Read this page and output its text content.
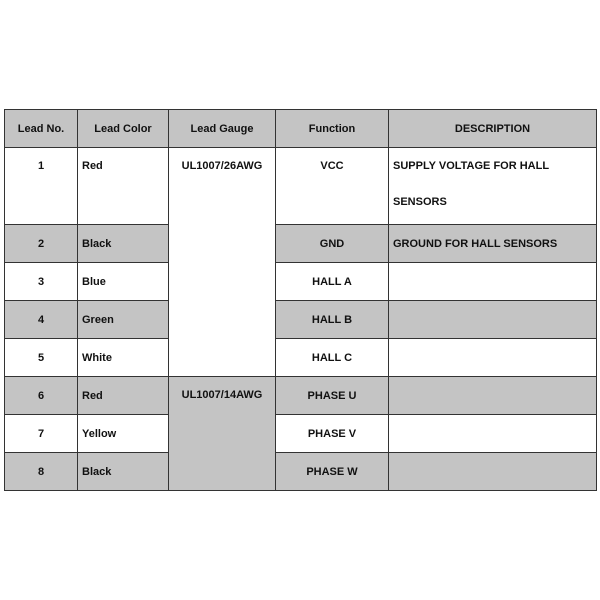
Lead No.	Lead Color	Lead Gauge	Function	DESCRIPTION
1	Red	UL1007/26AWG	VCC	SUPPLY VOLTAGE FOR HALL SENSORS
2	Black		GND	GROUND FOR HALL SENSORS
3	Blue		HALL A	
4	Green		HALL B	
5	White		HALL C	
6	Red	UL1007/14AWG	PHASE U	
7	Yellow		PHASE V	
8	Black		PHASE W	
